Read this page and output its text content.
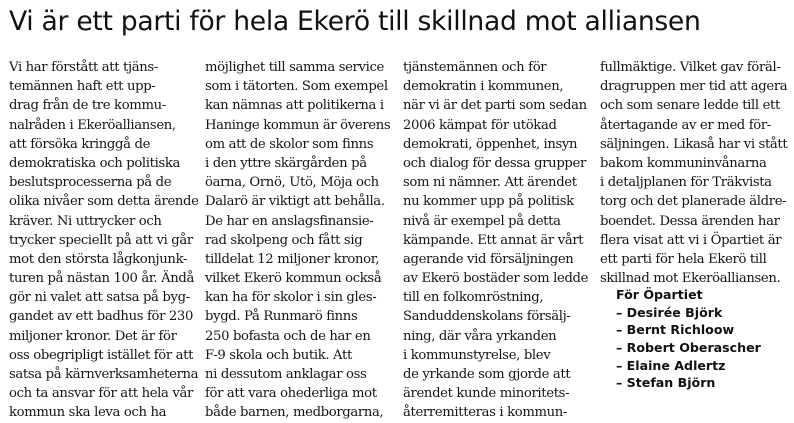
Vi är ett parti för hela Ekerö till skillnad mot alliansen
Vi har förstått att tjäns-
temännen haft ett upp-
drag från de tre kommu-
nalråden i Ekeröalliansen,
att försöka kringgå de
demokratiska och politiska
beslutsprocesserna på de
olika nivåer som detta ärende
kräver. Ni uttrycker och
trycker speciellt på att vi går
mot den största lågkonjunk-
turen på nästan 100 år. Ändå
gör ni valet att satsa på byg-
gandet av ett badhus för 230
miljoner kronor. Det är för
oss obegripligt istället för att
satsa på kärnverksamheterna
och ta ansvar för att hela vår
kommun ska leva och ha
möjlighet till samma service
som i tätorten. Som exempel
kan nämnas att politikerna i
Haninge kommun är överens
om att de skolor som finns
i den yttre skärgården på
öarna, Ornö, Utö, Möja och
Dalarö är viktigt att behålla.
De har en anslagsfinansie-
rad skolpeng och fått sig
tilldelat 12 miljoner kronor,
vilket Ekerö kommun också
kan ha för skolor i sin gles-
bygd. På Runmarö finns
250 bofasta och de har en
F-9 skola och butik. Att
ni dessutom anklagar oss
för att vara ohederliga mot
både barnen, medborgarna,
tjänstemännen och för
demokratin i kommunen,
när vi är det parti som sedan
2006 kämpat för utökad
demokrati, öppenhet, insyn
och dialog för dessa grupper
som ni nämner. Att ärendet
nu kommer upp på politisk
nivå är exempel på detta
kämpande. Ett annat är vårt
agerande vid försäljningen
av Ekerö bostäder som ledde
till en folkomröstning,
Sanduddenskolans försälj-
ning, där våra yrkanden
i kommunstyrelse, blev
de yrkande som gjorde att
ärendet kunde minoritets-
återremitteras i kommun-
fullmäktige. Vilket gav föräl-
dragruppen mer tid att agera
och som senare ledde till ett
återtagande av er med för-
säljningen. Likaså har vi stått
bakom kommuninvånarna
i detaljplanen för Träkvista
torg och det planerade äldre-
boendet. Dessa ärenden har
flera visat att vi i Öpartiet är
ett parti för hela Ekerö till
skillnad mot Ekeröalliansen.
För Öpartiet
– Desirée Björk
– Bernt Richloow
– Robert Oberascher
– Elaine Adlertz
– Stefan Björn
